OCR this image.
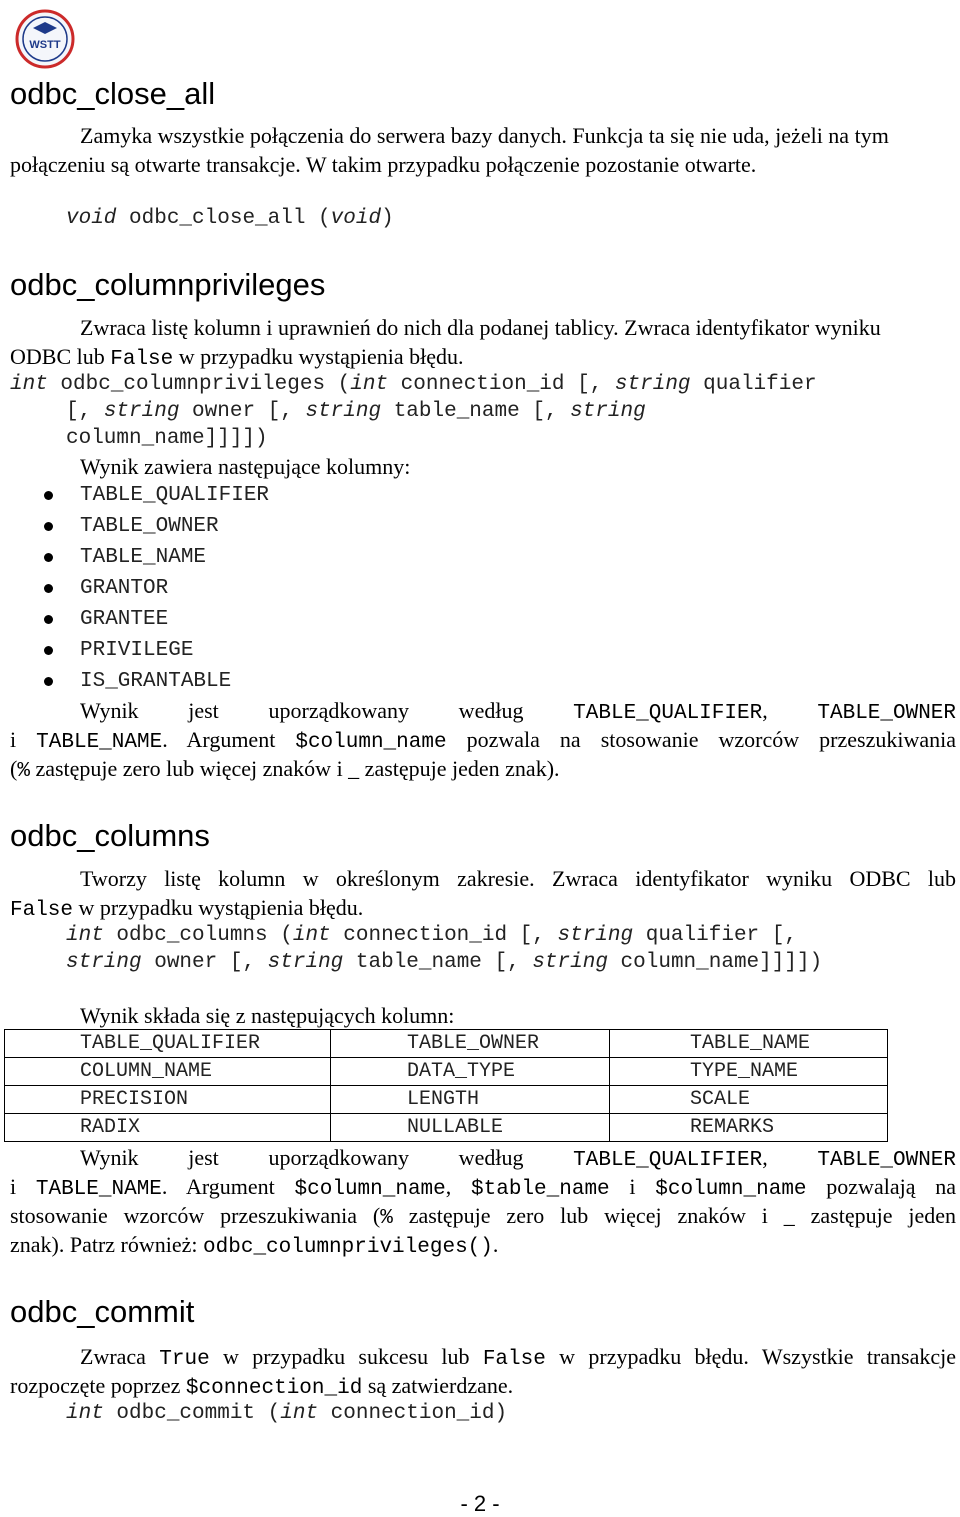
WSTT
odbc_close_all
Zamyka wszystkie połączenia do serwera bazy danych. Funkcja ta się nie uda, jeżeli na tym
połączeniu są otwarte transakcje. W takim przypadku połączenie pozostanie otwarte.
void odbc_close_all (void)
odbc_columnprivileges
Zwraca listę kolumn i uprawnień do nich dla podanej tablicy. Zwraca identyfikator wyniku
ODBC lub False w przypadku wystąpienia błędu.
int odbc_columnprivileges (int connection_id [, string qualifier
[, string owner [, string table_name [, string
column_name]]]])
Wynik zawiera następujące kolumny:
TABLE_QUALIFIER
TABLE_OWNER
TABLE_NAME
GRANTOR
GRANTEE
PRIVILEGE
IS_GRANTABLE
Wynik jest uporządkowany według TABLE_QUALIFIER, TABLE_OWNER
i TABLE_NAME. Argument $column_name pozwala na stosowanie wzorców przeszukiwania
(% zastępuje zero lub więcej znaków i _ zastępuje jeden znak).
odbc_columns
Tworzy listę kolumn w określonym zakresie. Zwraca identyfikator wyniku ODBC lub
False w przypadku wystąpienia błędu.
int odbc_columns (int connection_id [, string qualifier [,
string owner [, string table_name [, string column_name]]]])
Wynik składa się z następujących kolumn:
TABLE_QUALIFIER	TABLE_OWNER	TABLE_NAME
COLUMN_NAME	DATA_TYPE	TYPE_NAME
PRECISION	LENGTH	SCALE
RADIX	NULLABLE	REMARKS
Wynik jest uporządkowany według TABLE_QUALIFIER, TABLE_OWNER
i TABLE_NAME. Argument $column_name, $table_name i $column_name pozwalają na
stosowanie wzorców przeszukiwania (% zastępuje zero lub więcej znaków i _ zastępuje jeden
znak). Patrz również: odbc_columnprivileges().
odbc_commit
Zwraca True w przypadku sukcesu lub False w przypadku błędu. Wszystkie transakcje
rozpoczęte poprzez $connection_id są zatwierdzane.
int odbc_commit (int connection_id)
- 2 -
